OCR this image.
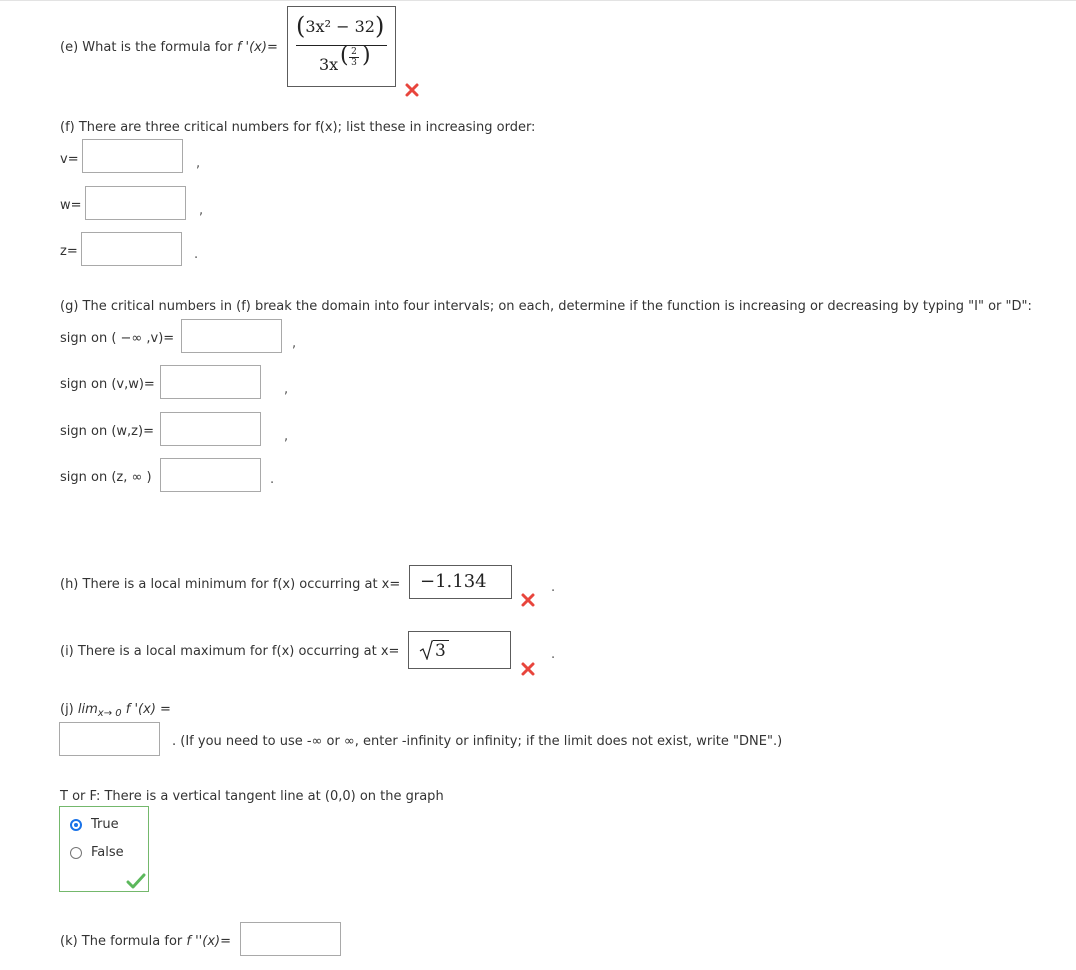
(e) What is the formula for f '(x)=
(3x² − 32)
3x ( 2
3 )
(f) There are three critical numbers for f(x); list these in increasing order:
v=	,
w=	,
z=	.
(g) The critical numbers in (f) break the domain into four intervals; on each, determine if the function is increasing or decreasing by typing "I" or "D":
sign on ( −∞ ,v)=	,
sign on (v,w)=	,
sign on (w,z)=	,
sign on (z, ∞ )	.
(h) There is a local minimum for f(x) occurring at x= −1.134	.
(i) There is a local maximum for f(x) occurring at x= 3	.
(j) $\lim_{x\to 0} f$ '(x) =
. (If you need to use -∞ or ∞, enter -infinity or infinity; if the limit does not exist, write "DNE".)
T or F: There is a vertical tangent line at (0,0) on the graph
True
False
(k) The formula for f ''(x)=
